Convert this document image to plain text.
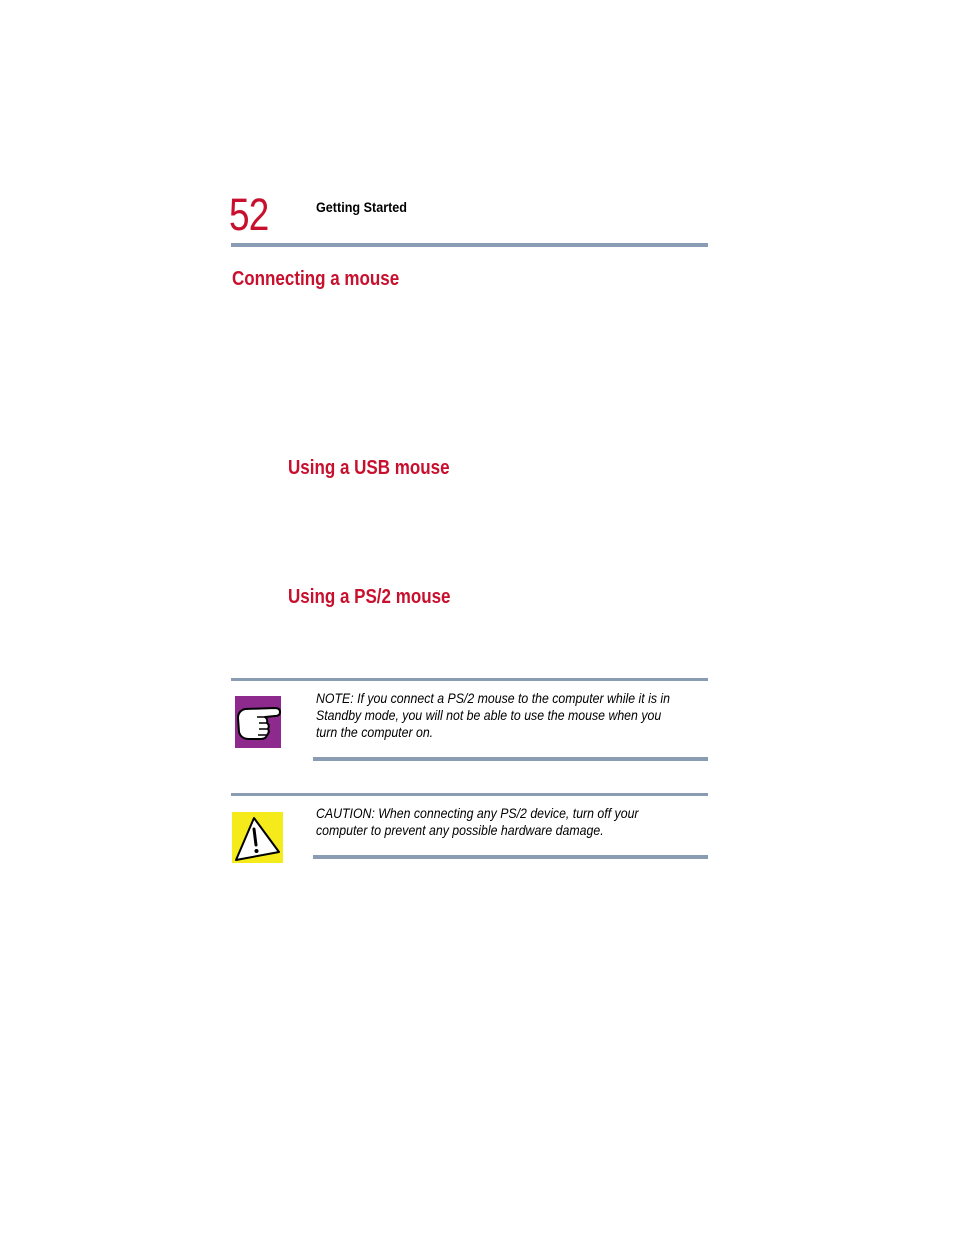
52	Getting Started
Connecting a mouse
Using a USB mouse
Using a PS/2 mouse
NOTE: If you connect a PS/2 mouse to the computer while it is in Standby mode, you will not be able to use the mouse when you turn the computer on.
CAUTION: When connecting any PS/2 device, turn off your computer to prevent any possible hardware damage.
